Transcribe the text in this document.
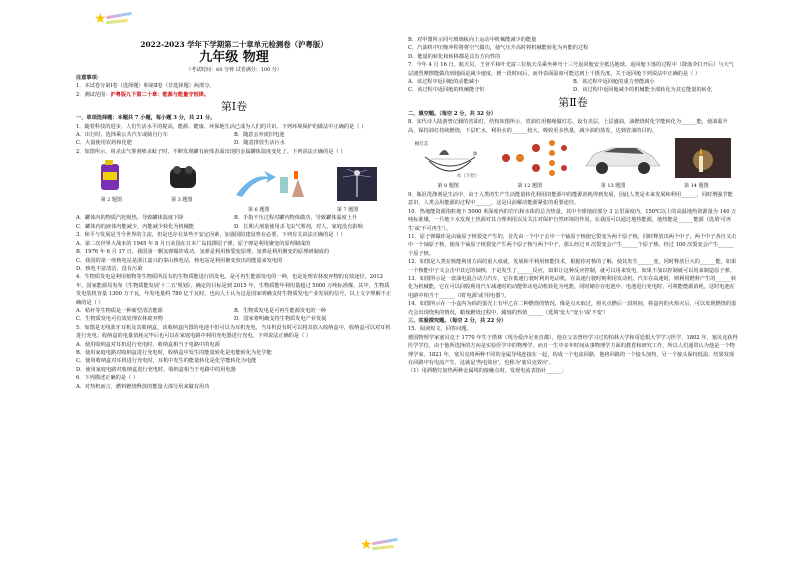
★
★
2022-2023 学年下学期第二十章单元检测卷（沪粤版）
九年级 物理
（考试时间：60 分钟 试卷满分：100 分）
注意事项：
1．本试卷分第Ⅰ卷（选择题）和第Ⅱ卷（非选择题）两部分。
2．测试范围：沪粤版九下第二十章：能源与能量守恒律。
第Ⅰ卷
一、单项选择题：本题共 7 小题，每小题 3 分，共 21 分。
1．随着科技的进步，人们生活水平的提高，能源、健康、环保地生活已成为人们的共识。下列环境保护的做法中正确的是（ ）
A．出行时，选择乘公共汽车或骑自行车	B．随意丢弃废旧电池
C．大量使用农药和化肥	D．随意排放生活污水
2．如图所示，用杀虫气雾剂喷杀蚊子时，不断发现罐有液体表面出现的金属罐体温度变化了。下列说法正确的是（ ）
第 2 题图	第 3 题图
第 6 题图	第 7 题图
A．罐体内的物质汽化吸热，导致罐体温度下降	B．手指不压过程对罐内物体做功，导致罐体温度上升
C．罐体内的液体内能减少，内能减少转化为机械能	D．长期大剂量使用杀飞虫气雾剂，对人，家庭没有影响
3．和平与发展是当今世界的主流，但是也存在某些不安定因素，加强国防建设势在必要，下列有关说法正确的是（ ）
A．第二次世界大战末的 1945 年 8 月日美国在日本广岛投掷原子弹，原子弹是利用聚变的原理制成的
B．1976 年 6 月 17 日，我国第一颗氢弹爆炸成功，氢弹是利用核裂变原理，氢弹是利用聚变的原理研制成的
C．我国的第一座核电站是浙江嘉兴的秦山核电站，核电站是利用聚变放出的能量来发电的
D．核电丰富清洁，没有污染
4．生物质发电是利用植物等生物质所具有的生物质能进行的发电，是可再生能源发电的一种，也是处理农林废弃物的有效途径。2012 年，国家能源局发布《生物质能发展'十二五'规划》，确定的目标是到 2015 年，生物质能年利用量超过 5000 万吨标准煤，其中，生物质发电装机容量 1300 万千瓦，年发电量约 780 亿千瓦时，也向人士认为这是国家明确支持生物质发电产业发展的信号。以上文字理解不正确的是（ ）
A．秸秆等生物质是一种新型清洁能源	B．生物质发电是可再生能源发电的一种
C．生物质发电可有效处理农林废弃物	D．国家将明确支持生物质发电产业发展
5．如图是无线蓝牙耳机及其收纳盒，该收纳盒内置的电池不但可以为耳机充电，当耳机没有时可以将其放入收纳盒中，收纳盒可以对耳机进行充电；收纳盒的电量消耗完毕后也可以在家庭电路中利用充电器进行充电。下列说法正确的是（ ）
A．使用收纳盒对耳机进行充电时，收纳盒相当于电路中的电源
B．使用家庭电路对收纳盒进行充电时，收纳盒中发生的能量转化是电能转化为化学能
C．使用收纳盒对耳机进行充电时，耳机中发生的能量转化是化学能转化为电能
D．使用家庭电路对收纳盒进行充电时，收纳盒相当于电路中的用电器
6．下列描述正确的是（ ）
A．对热机而言，燃料燃烧释放的能量大部分用来做有用功
B．对甲图所示同号玻璃板向上运动中机械能减少的能量
C．汽油机中压缩冲程将将空气做功，使气压升高时将机械能转化为内能的过程
D．能量的转化和转移都是具有方向性的
7．今年 4 月 16 日，航天员，王亚平和叶光富三位航天员乘坐神舟十三号返回舱安全抵达地球。返回舱下落的过程中（降落伞打开后）与大气层剧烈摩擦能做功到地面是减少速度，到一段时间后，而外表面温度可能达到上千摄氏度。关于返回舱下列说法中正确的是（ ）
A．该过程中返回舱的动能减小	B．该过程中返回舱的重力势能减小
C．该过程中返回舱的机械能守恒	D．该过程中返回舱减少的机械能全部转化为其它能量的转化
第Ⅱ卷
二、填空题。（每空 2 分，共 32 分）
8．宋代诗人陆游曾记载的省油灯，结构如图所示，省油灯用棉绳做灯芯，设有夹层，上层盛油，油燃烧时化学能转化为______能，使油温升高，保持油灯持续燃烧，下层贮水，利用水的______较大，吸收更多热量，减少油的蒸发，达到省油的目的。
棉灯芯
油
水（下层）
第 8 题图	第 12 题图	第 13 题图	第 14 题图
9．瓶沮洗涤剂是生活中，由于人类的生产生活能量转化利用的能源中的能源消耗得到发展，因此人类是未来发展和利用______，同时增强节能意识，人类会用能源的过程中______，这是目前解决能源紧张的重要途径。
10．热地能资源指粒地下 5000 米深度内的岩石和水体的总含热量，其中全球地底部分 3 公里深度内，150℃以上的高温地热资源量为 140 万吨标准煤，一旦地下水发现土热源对其合理利用以及关注对保护自然环境的作用。在我国可以通过地热能源，地热能是______能源（选填'可再生'或'不可再生'）。
11．原子弹爆炸是由铀原子核裂变产生的，首先由一个中子击中一个铀原子核使它裂变为两个原子核，同时释放出两个中子，两个中子各自又击中一个铀原子核，使每个铀原子核裂变产生两个原子核与两个中子，那么经过 6 次裂变会产生______个原子核，经过 100 次裂变会产生______个原子核。
12．如图是人类在核能利用方面的重大成就，发展和平利用核能技术，根据你对核的了解，使其发生______变，同时释放巨大的______能，如果一个核能中子又会击中其它的铀核，于是发生了______反应，如果让这种反应控制，就可以用来发电，如果不加以控制就可以用来制造原子弹。
13．如图所示是一款油电混合动力汽车，它在低速行驶时利用电动机，在高速行驶时则利用发动机，汽车在高速时，则利用燃料产生的______转化为机械能，它在可以回收利用汽车减速时的动能带动电动机转化为电能，同时储存在电池中，电池进行充电时，可将能能源消耗，这时电池在电路中相当于______（填'电源'或'用电器'）。
14．如图所示在一小盒内为码的蛋壳上有甲乙在二种燃烧的情况，像是点火取过，将火点燃后一段时间，将盒内的火焰灭后，可以发现燃烧的蛋壳会出现烧焦的情况，蜡烛燃烧过程中，蜡烛的热值______（选填'变大''变小'或'不变'）
三、实验探究题。（每空 2 分，共 22 分）
15．阅读短文，回答问题。
德国物理学家塞贝克于 1770 年生于塔林（现为爱沙尼亚首都），他在父亲曾经学习过的柏林大学和哥廷根大学学习医学，1802 年，塞贝克获得医学学位，由于他所选择的方向是实验医学中的物理学，而且一生中多年时间从事物理学方面的教育和研究工作，所以人们通常认为他是一个物理学家。1821 年，塞贝克将两种不同的金属导线连接在一起，构成一个电流回路，他将回路的一个接头加热，另一个接头保持低温，结果发现在回路中有电流产生，这就是'热电效应'，也称为'塞贝克效应'。
（1）用酒精灯加热两种金属线的接触点时，发现电流表指针______；
